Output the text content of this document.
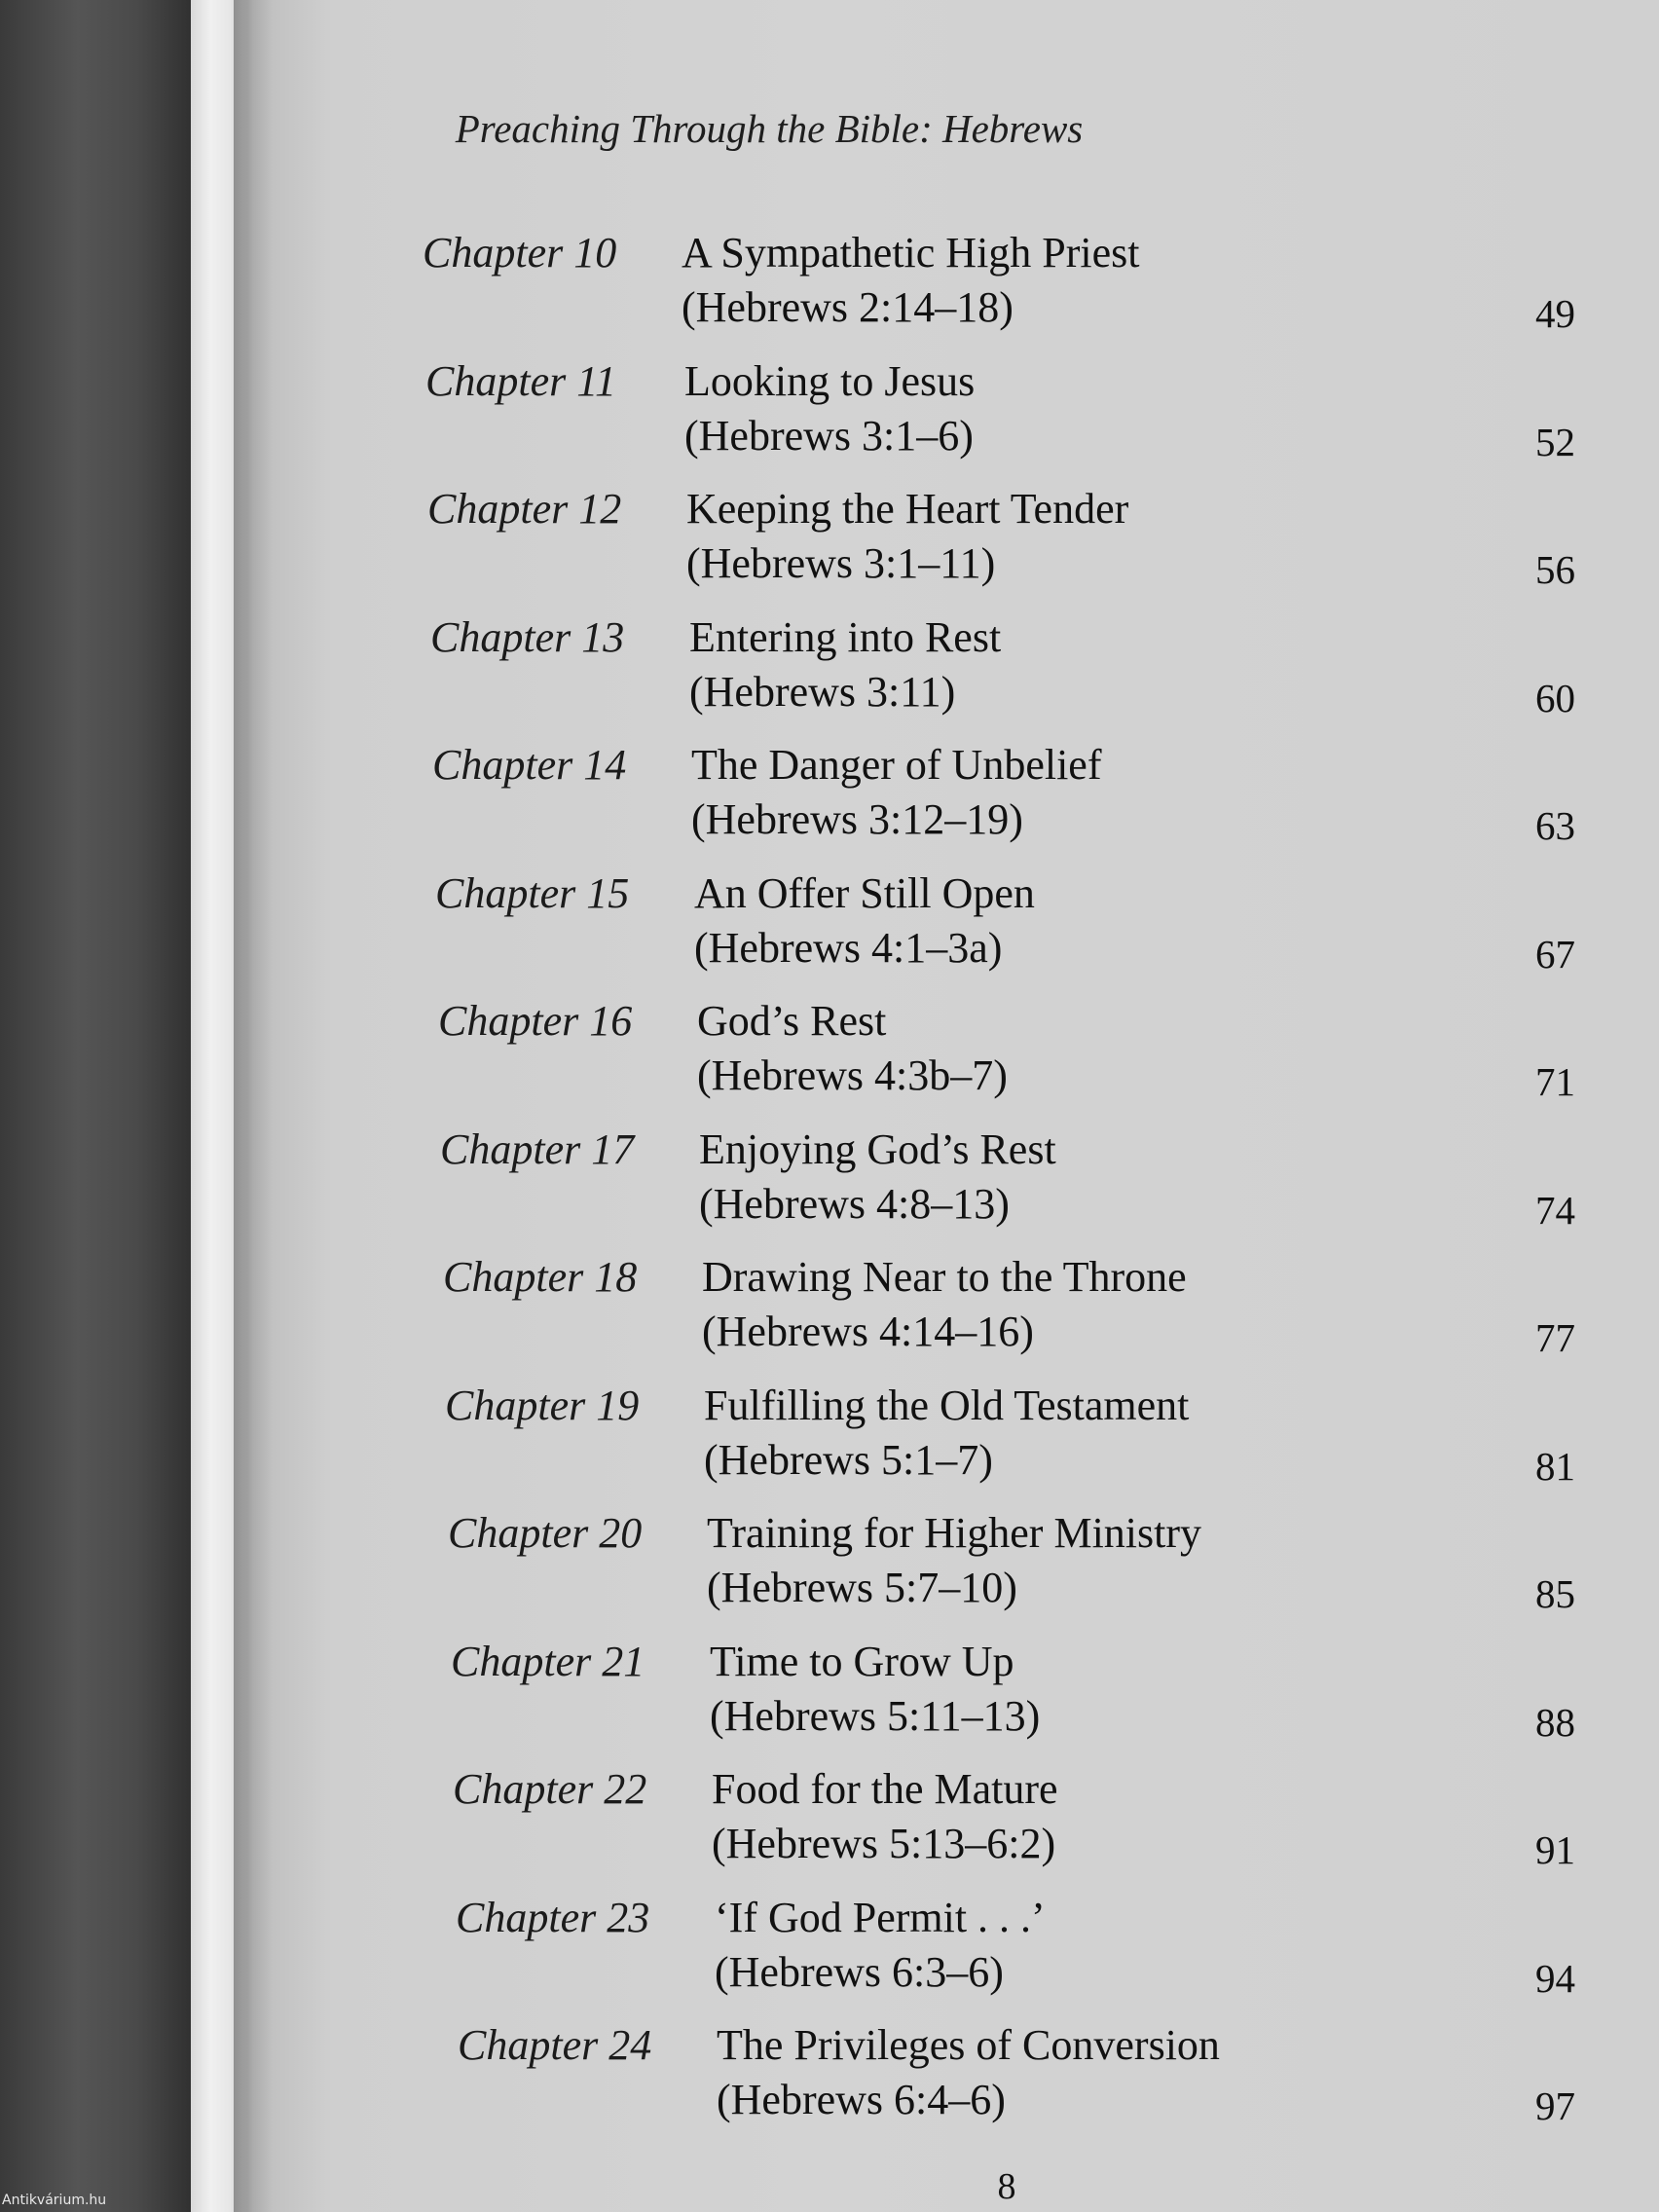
Preaching Through the Bible: Hebrews
Chapter 10 A Sympathetic High Priest
(Hebrews 2:14–18)	49
Chapter 11 Looking to Jesus
(Hebrews 3:1–6)	52
Chapter 12 Keeping the Heart Tender
(Hebrews 3:1–11)	56
Chapter 13 Entering into Rest
(Hebrews 3:11)	60
Chapter 14 The Danger of Unbelief
(Hebrews 3:12–19)	63
Chapter 15 An Offer Still Open
(Hebrews 4:1–3a)	67
Chapter 16 God’s Rest
(Hebrews 4:3b–7)	71
Chapter 17 Enjoying God’s Rest
(Hebrews 4:8–13)	74
Chapter 18 Drawing Near to the Throne
(Hebrews 4:14–16)	77
Chapter 19 Fulfilling the Old Testament
(Hebrews 5:1–7)	81
Chapter 20 Training for Higher Ministry
(Hebrews 5:7–10)	85
Chapter 21 Time to Grow Up
(Hebrews 5:11–13)	88
Chapter 22 Food for the Mature
(Hebrews 5:13–6:2)	91
Chapter 23 ‘If God Permit . . .’
(Hebrews 6:3–6)	94
Chapter 24 The Privileges of Conversion
(Hebrews 6:4–6)	97
8
Antikvárium.hu
